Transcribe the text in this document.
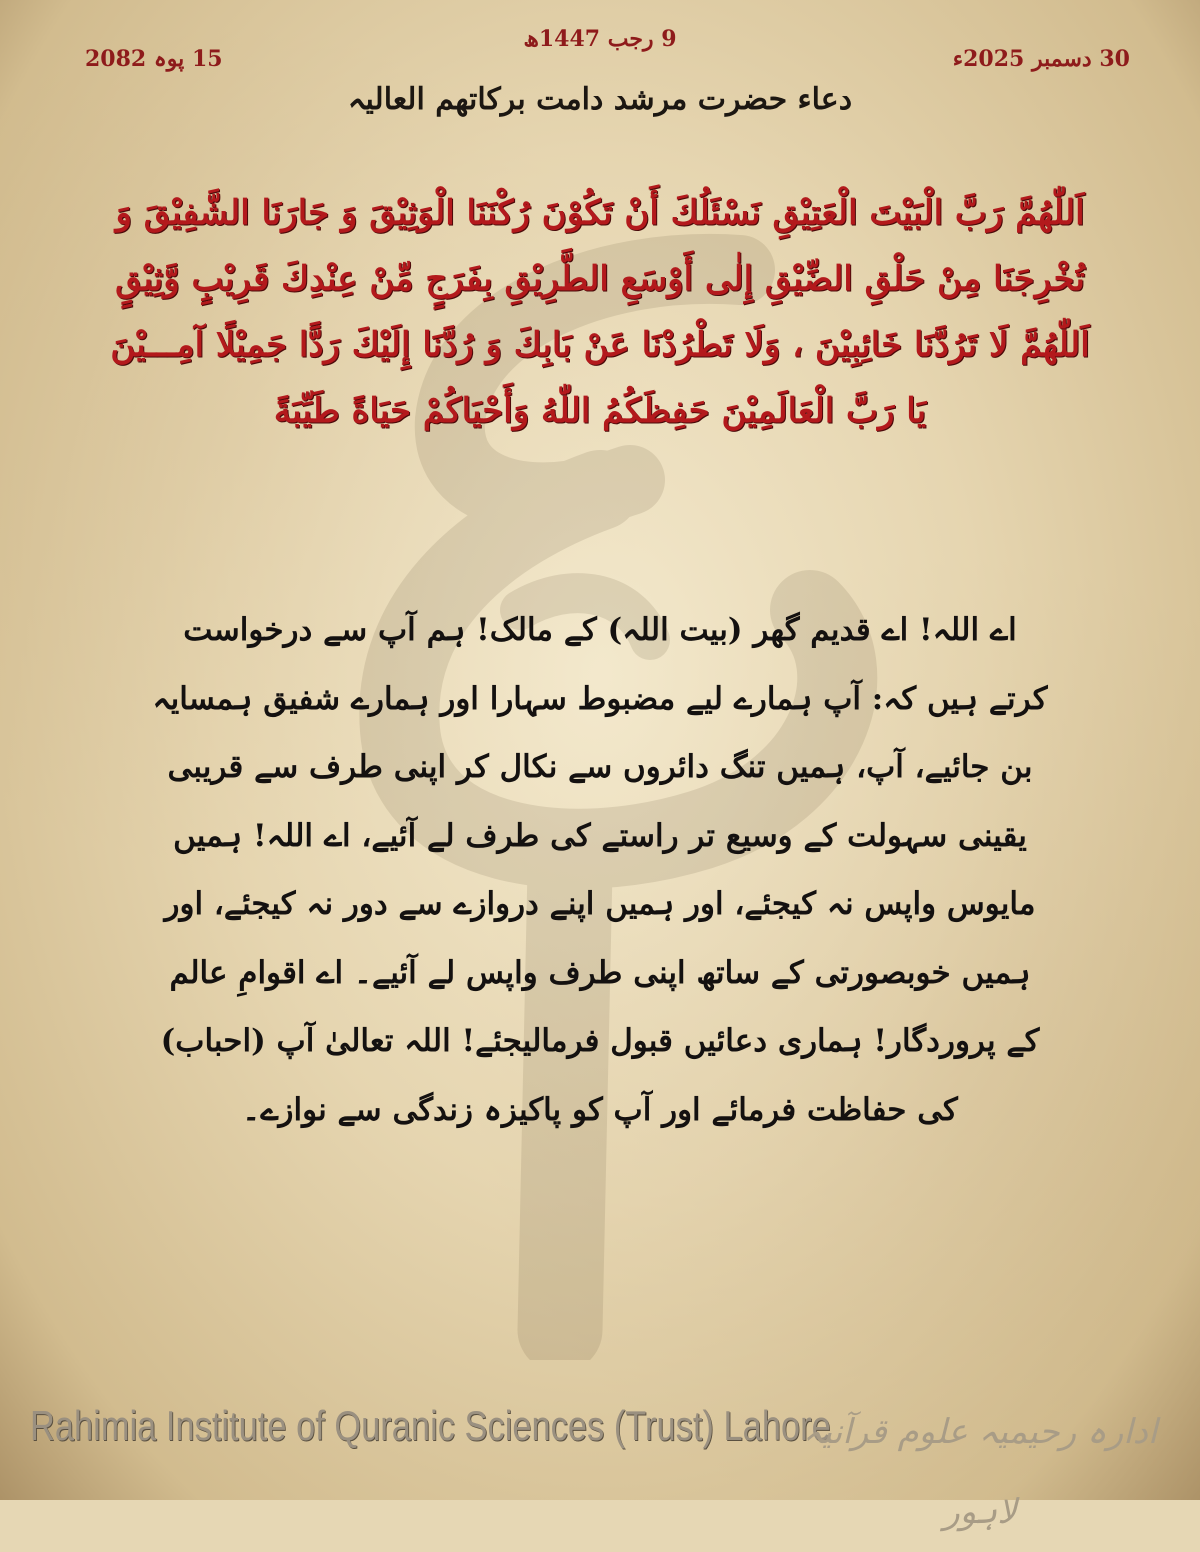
9 رجب 1447ھ
30 دسمبر 2025ء
15 پوہ 2082
دعاء حضرت مرشد دامت برکاتھم العالیہ
اَللّٰهُمَّ رَبَّ الْبَيْتَ الْعَتِيْقِ نَسْئَلُكَ أَنْ تَكُوْنَ رُكْنَنَا الْوَثِيْقَ وَ جَارَنَا الشَّفِيْقَ وَ تُخْرِجَنَا مِنْ حَلْقِ الضِّيْقِ إِلٰى أَوْسَعِ الطَّرِيْقِ بِفَرَجٍ مِّنْ عِنْدِكَ قَرِيْبٍ وَّثِيْقٍ اَللّٰهُمَّ لَا تَرُدَّنَا خَائِبِيْنَ ، وَلَا تَطْرُدْنَا عَنْ بَابِكَ وَ رُدَّنَا إِلَيْكَ رَدًّا جَمِيْلًا آمِـــيْنَ يَا رَبَّ الْعَالَمِيْنَ حَفِظَكُمُ اللّٰهُ وَأَحْيَاكُمْ حَيَاةً طَيِّبَةً
اے اللہ! اے قدیم گھر (بیت اللہ) کے مالک! ہم آپ سے درخواست کرتے ہیں کہ: آپ ہمارے لیے مضبوط سہارا اور ہمارے شفیق ہمسایہ بن جائیے، آپ، ہمیں تنگ دائروں سے نکال کر اپنی طرف سے قریبی یقینی سہولت کے وسیع تر راستے کی طرف لے آئیے، اے اللہ! ہمیں مایوس واپس نہ کیجئے، اور ہمیں اپنے دروازے سے دور نہ کیجئے، اور ہمیں خوبصورتی کے ساتھ اپنی طرف واپس لے آئیے۔ اے اقوامِ عالم کے پروردگار! ہماری دعائیں قبول فرمالیجئے! اللہ تعالیٰ آپ (احباب) کی حفاظت فرمائے اور آپ کو پاکیزہ زندگی سے نوازے۔
Rahimia Institute of Quranic Sciences (Trust) Lahore
ادارہ رحیمیہ علوم قرآنیہ لاہور
